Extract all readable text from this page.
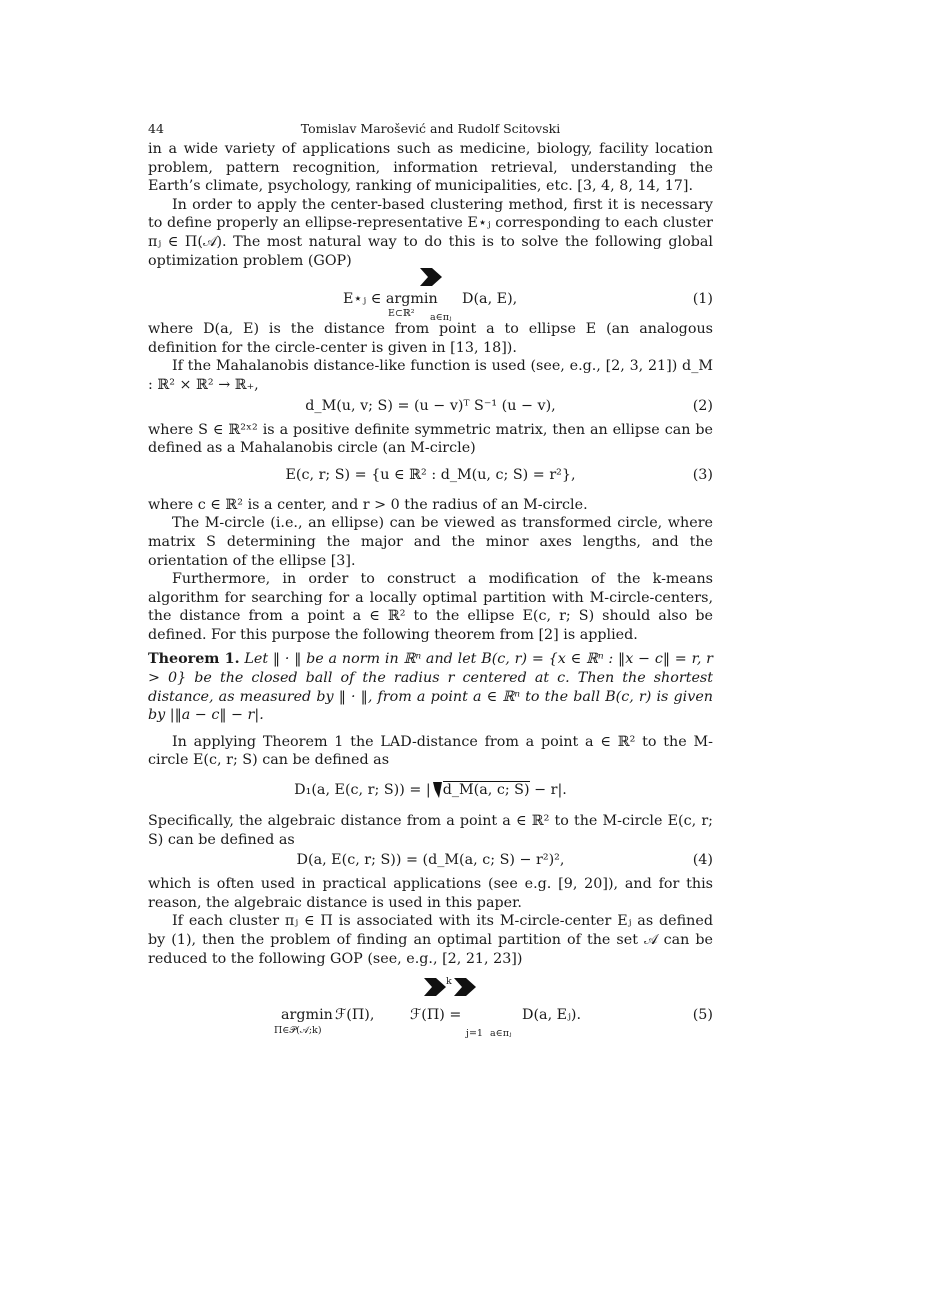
44	Tomislav Marošević and Rudolf Scitovski

in a wide variety of applications such as medicine, biology, facility location problem, pattern recognition, information retrieval, understanding the Earth’s climate, psychology, ranking of municipalities, etc. [3, 4, 8, 14, 17].

In order to apply the center-based clustering method, first it is necessary to define properly an ellipse-representative E⋆ⱼ corresponding to each cluster πⱼ ∈ Π(𝒜). The most natural way to do this is to solve the following global optimization problem (GOP)

E⋆ⱼ ∈ argmin
E⊂ℝ² a∈πⱼ
D(a, E),	(1)

where D(a, E) is the distance from point a to ellipse E (an analogous definition for the circle-center is given in [13, 18]).

If the Mahalanobis distance-like function is used (see, e.g., [2, 3, 21]) d_M : ℝ² × ℝ² → ℝ₊,

d_M(u, v; S) = (u − v)ᵀ S⁻¹ (u − v),	(2)

where S ∈ ℝ²ˣ² is a positive definite symmetric matrix, then an ellipse can be defined as a Mahalanobis circle (an M-circle)

E(c, r; S) = {u ∈ ℝ² : d_M(u, c; S) = r²},	(3)

where c ∈ ℝ² is a center, and r > 0 the radius of an M-circle.

The M-circle (i.e., an ellipse) can be viewed as transformed circle, where matrix S determining the major and the minor axes lengths, and the orientation of the ellipse [3].

Furthermore, in order to construct a modification of the k-means algorithm for searching for a locally optimal partition with M-circle-centers, the distance from a point a ∈ ℝ² to the ellipse E(c, r; S) should also be defined. For this purpose the following theorem from [2] is applied.

Theorem 1. Let ‖ · ‖ be a norm in ℝⁿ and let B(c, r) = {x ∈ ℝⁿ : ‖x − c‖ = r, r > 0} be the closed ball of the radius r centered at c. Then the shortest distance, as measured by ‖ · ‖, from a point a ∈ ℝⁿ to the ball B(c, r) is given by |‖a − c‖ − r|.

In applying Theorem 1 the LAD-distance from a point a ∈ ℝ² to the M-circle E(c, r; S) can be defined as

D₁(a, E(c, r; S)) = | d_M(a, c; S) − r|.

Specifically, the algebraic distance from a point a ∈ ℝ² to the M-circle E(c, r; S) can be defined as

D(a, E(c, r; S)) = (d_M(a, c; S) − r²)²,	(4)

which is often used in practical applications (see e.g. [9, 20]), and for this reason, the algebraic distance is used in this paper.

If each cluster πⱼ ∈ Π is associated with its M-circle-center Eⱼ as defined by (1), then the problem of finding an optimal partition of the set 𝒜 can be reduced to the following GOP (see, e.g., [2, 21, 23])

argmin
Π∈𝒫(𝒜;k)
ℱ(Π), ℱ(Π) =
k
j=1 a∈πⱼ
D(a, Eⱼ).	(5)
